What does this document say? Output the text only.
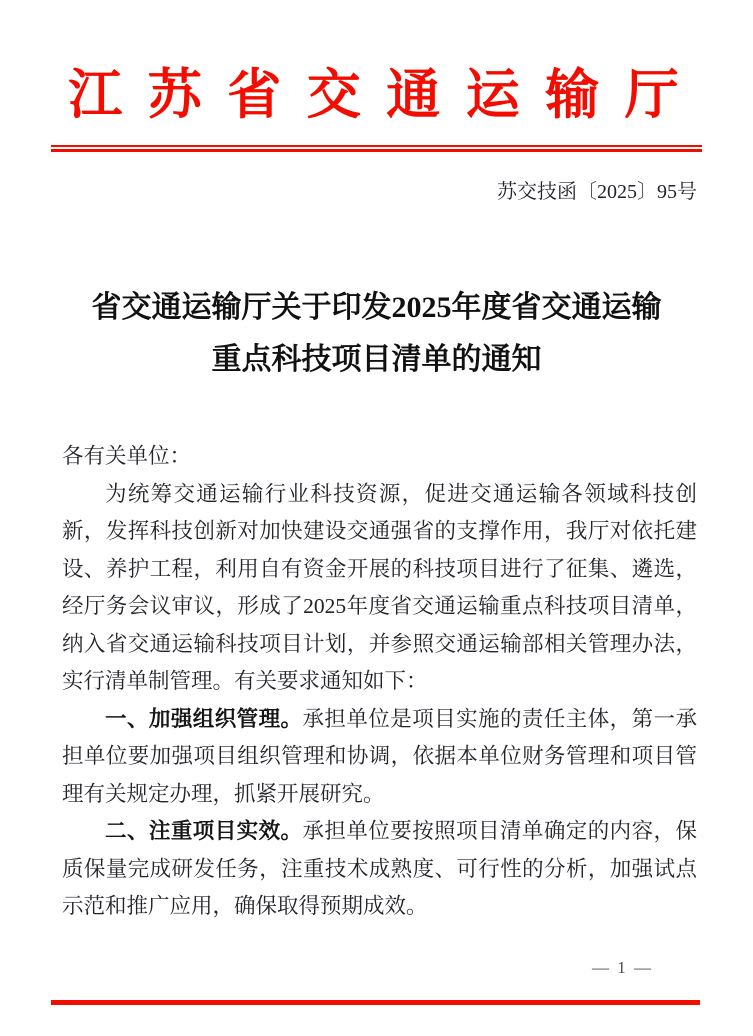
江 苏 省 交 通 运 输 厅
苏交技函〔2025〕95号
省交通运输厅关于印发2025年度省交通运输
重点科技项目清单的通知

各有关单位：

为统筹交通运输行业科技资源，促进交通运输各领域科技创新，发挥科技创新对加快建设交通强省的支撑作用，我厅对依托建设、养护工程，利用自有资金开展的科技项目进行了征集、遴选，经厅务会议审议，形成了2025年度省交通运输重点科技项目清单，纳入省交通运输科技项目计划，并参照交通运输部相关管理办法，实行清单制管理。有关要求通知如下：

一、加强组织管理。承担单位是项目实施的责任主体，第一承担单位要加强项目组织管理和协调，依据本单位财务管理和项目管理有关规定办理，抓紧开展研究。

二、注重项目实效。承担单位要按照项目清单确定的内容，保质保量完成研发任务，注重技术成熟度、可行性的分析，加强试点示范和推广应用，确保取得预期成效。

— 1 —
